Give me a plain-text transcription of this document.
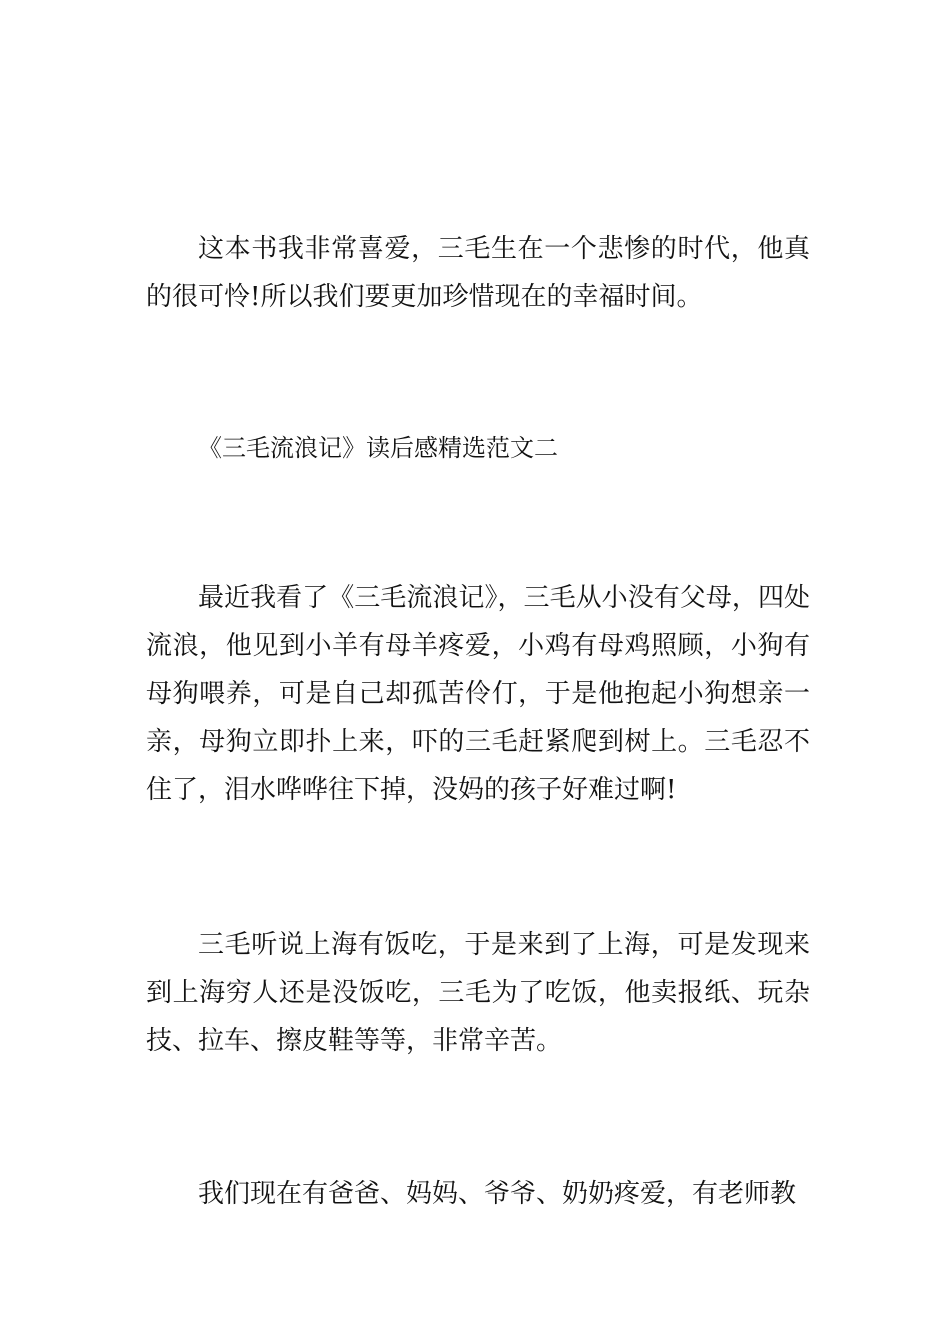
这本书我非常喜爱，三毛生在一个悲惨的时代，他真的很可怜!所以我们要更加珍惜现在的幸福时间。

《三毛流浪记》读后感精选范文二

最近我看了《三毛流浪记》，三毛从小没有父母，四处流浪，他见到小羊有母羊疼爱，小鸡有母鸡照顾，小狗有母狗喂养，可是自己却孤苦伶仃，于是他抱起小狗想亲一亲，母狗立即扑上来，吓的三毛赶紧爬到树上。三毛忍不住了，泪水哗哗往下掉，没妈的孩子好难过啊!

三毛听说上海有饭吃，于是来到了上海，可是发现来到上海穷人还是没饭吃，三毛为了吃饭，他卖报纸、玩杂技、拉车、擦皮鞋等等，非常辛苦。

我们现在有爸爸、妈妈、爷爷、奶奶疼爱，有老师教
